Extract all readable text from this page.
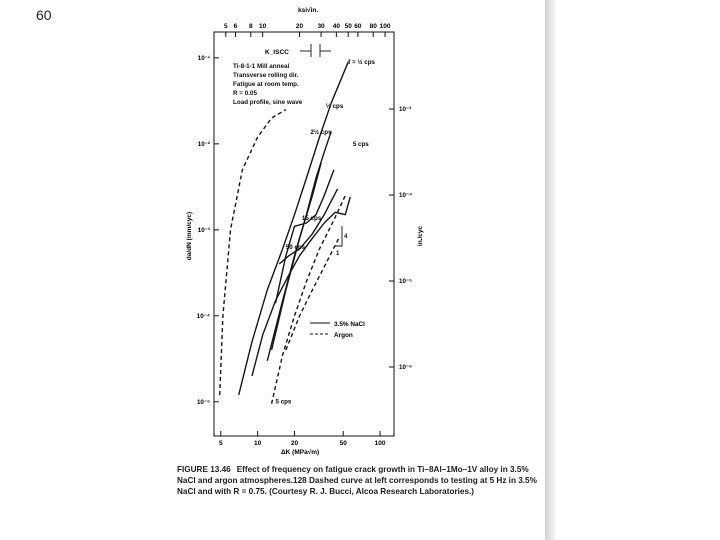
60
5	10	20	50	100
5 6 8 10	20 30 40 50 60 80 100
10⁻⁵
10⁻⁴
10⁻³
10⁻²
10⁻¹
10⁻³
10⁻⁴
10⁻⁵
10⁻⁶
f = ½ cps
½ cps
2½ cps
5 cps
15 cps
50 cps
5 cps
Ti-8-1-1 Mill anneal
Transverse rolling dir.
Fatigue at room temp.
R = 0.05
Load profile, sine wave
K_ISCC
4
1
3.5% NaCl
Argon
ksi√in.
ΔK (MPa√m)
da/dN (mm/cyc)	in./cyc
FIGURE 13.46 Effect of frequency on fatigue crack growth in Ti–8Al–1Mo–1V alloy in 3.5% NaCl and argon atmospheres.128 Dashed curve at left corresponds to testing at 5 Hz in 3.5% NaCl and with R = 0.75. (Courtesy R. J. Bucci, Alcoa Research Laboratories.)
